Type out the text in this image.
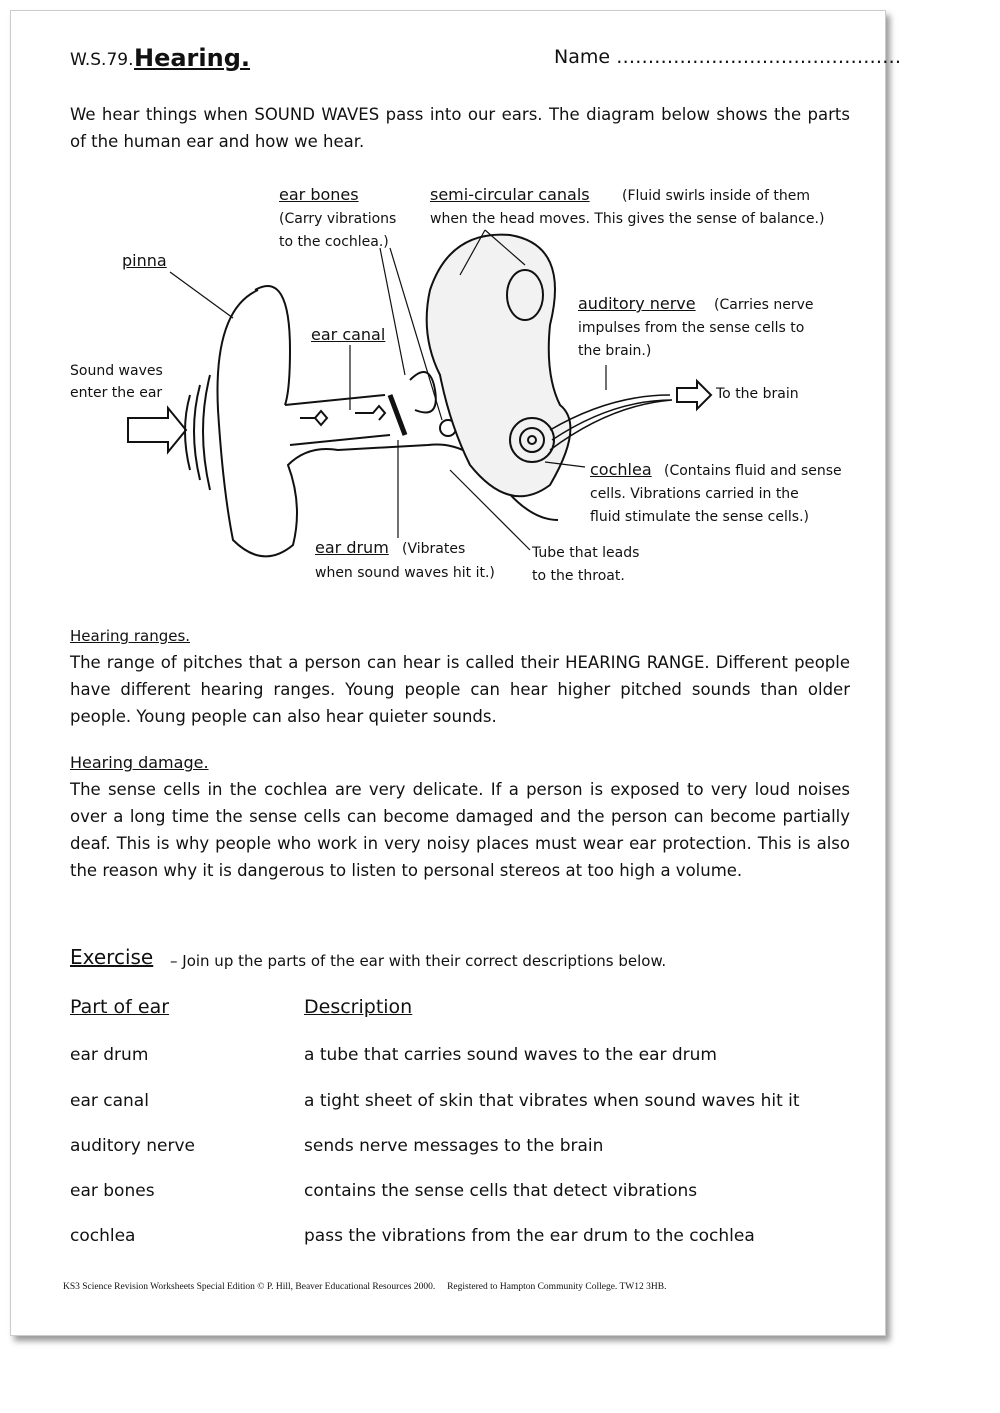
W.S.79. Hearing.	Name ………………………………………
We hear things when SOUND WAVES pass into our ears. The diagram below shows the parts of the human ear and how we hear.
ear bones
(Carry vibrations
to the cochlea.)
semi-circular canals (Fluid swirls inside of them
when the head moves. This gives the sense of balance.)
pinna
auditory nerve (Carries nerve
impulses from the sense cells to
the brain.)
ear canal
Sound waves
enter the ear	To the brain
cochlea (Contains fluid and sense
cells. Vibrations carried in the
fluid stimulate the sense cells.)
ear drum (Vibrates
when sound waves hit it.)
Tube that leads
to the throat.
Hearing ranges.
The range of pitches that a person can hear is called their HEARING RANGE. Different people have different hearing ranges. Young people can hear higher pitched sounds than older people. Young people can also hear quieter sounds.
Hearing damage.
The sense cells in the cochlea are very delicate. If a person is exposed to very loud noises over a long time the sense cells can become damaged and the person can become partially deaf. This is why people who work in very noisy places must wear ear protection. This is also the reason why it is dangerous to listen to personal stereos at too high a volume.
Exercise – Join up the parts of the ear with their correct descriptions below.
Part of ear	Description
ear drum	a tube that carries sound waves to the ear drum
ear canal	a tight sheet of skin that vibrates when sound waves hit it
auditory nerve	sends nerve messages to the brain
ear bones	contains the sense cells that detect vibrations
cochlea	pass the vibrations from the ear drum to the cochlea
KS3 Science Revision Worksheets Special Edition © P. Hill, Beaver Educational Resources 2000.     Registered to Hampton Community College. TW12 3HB.
